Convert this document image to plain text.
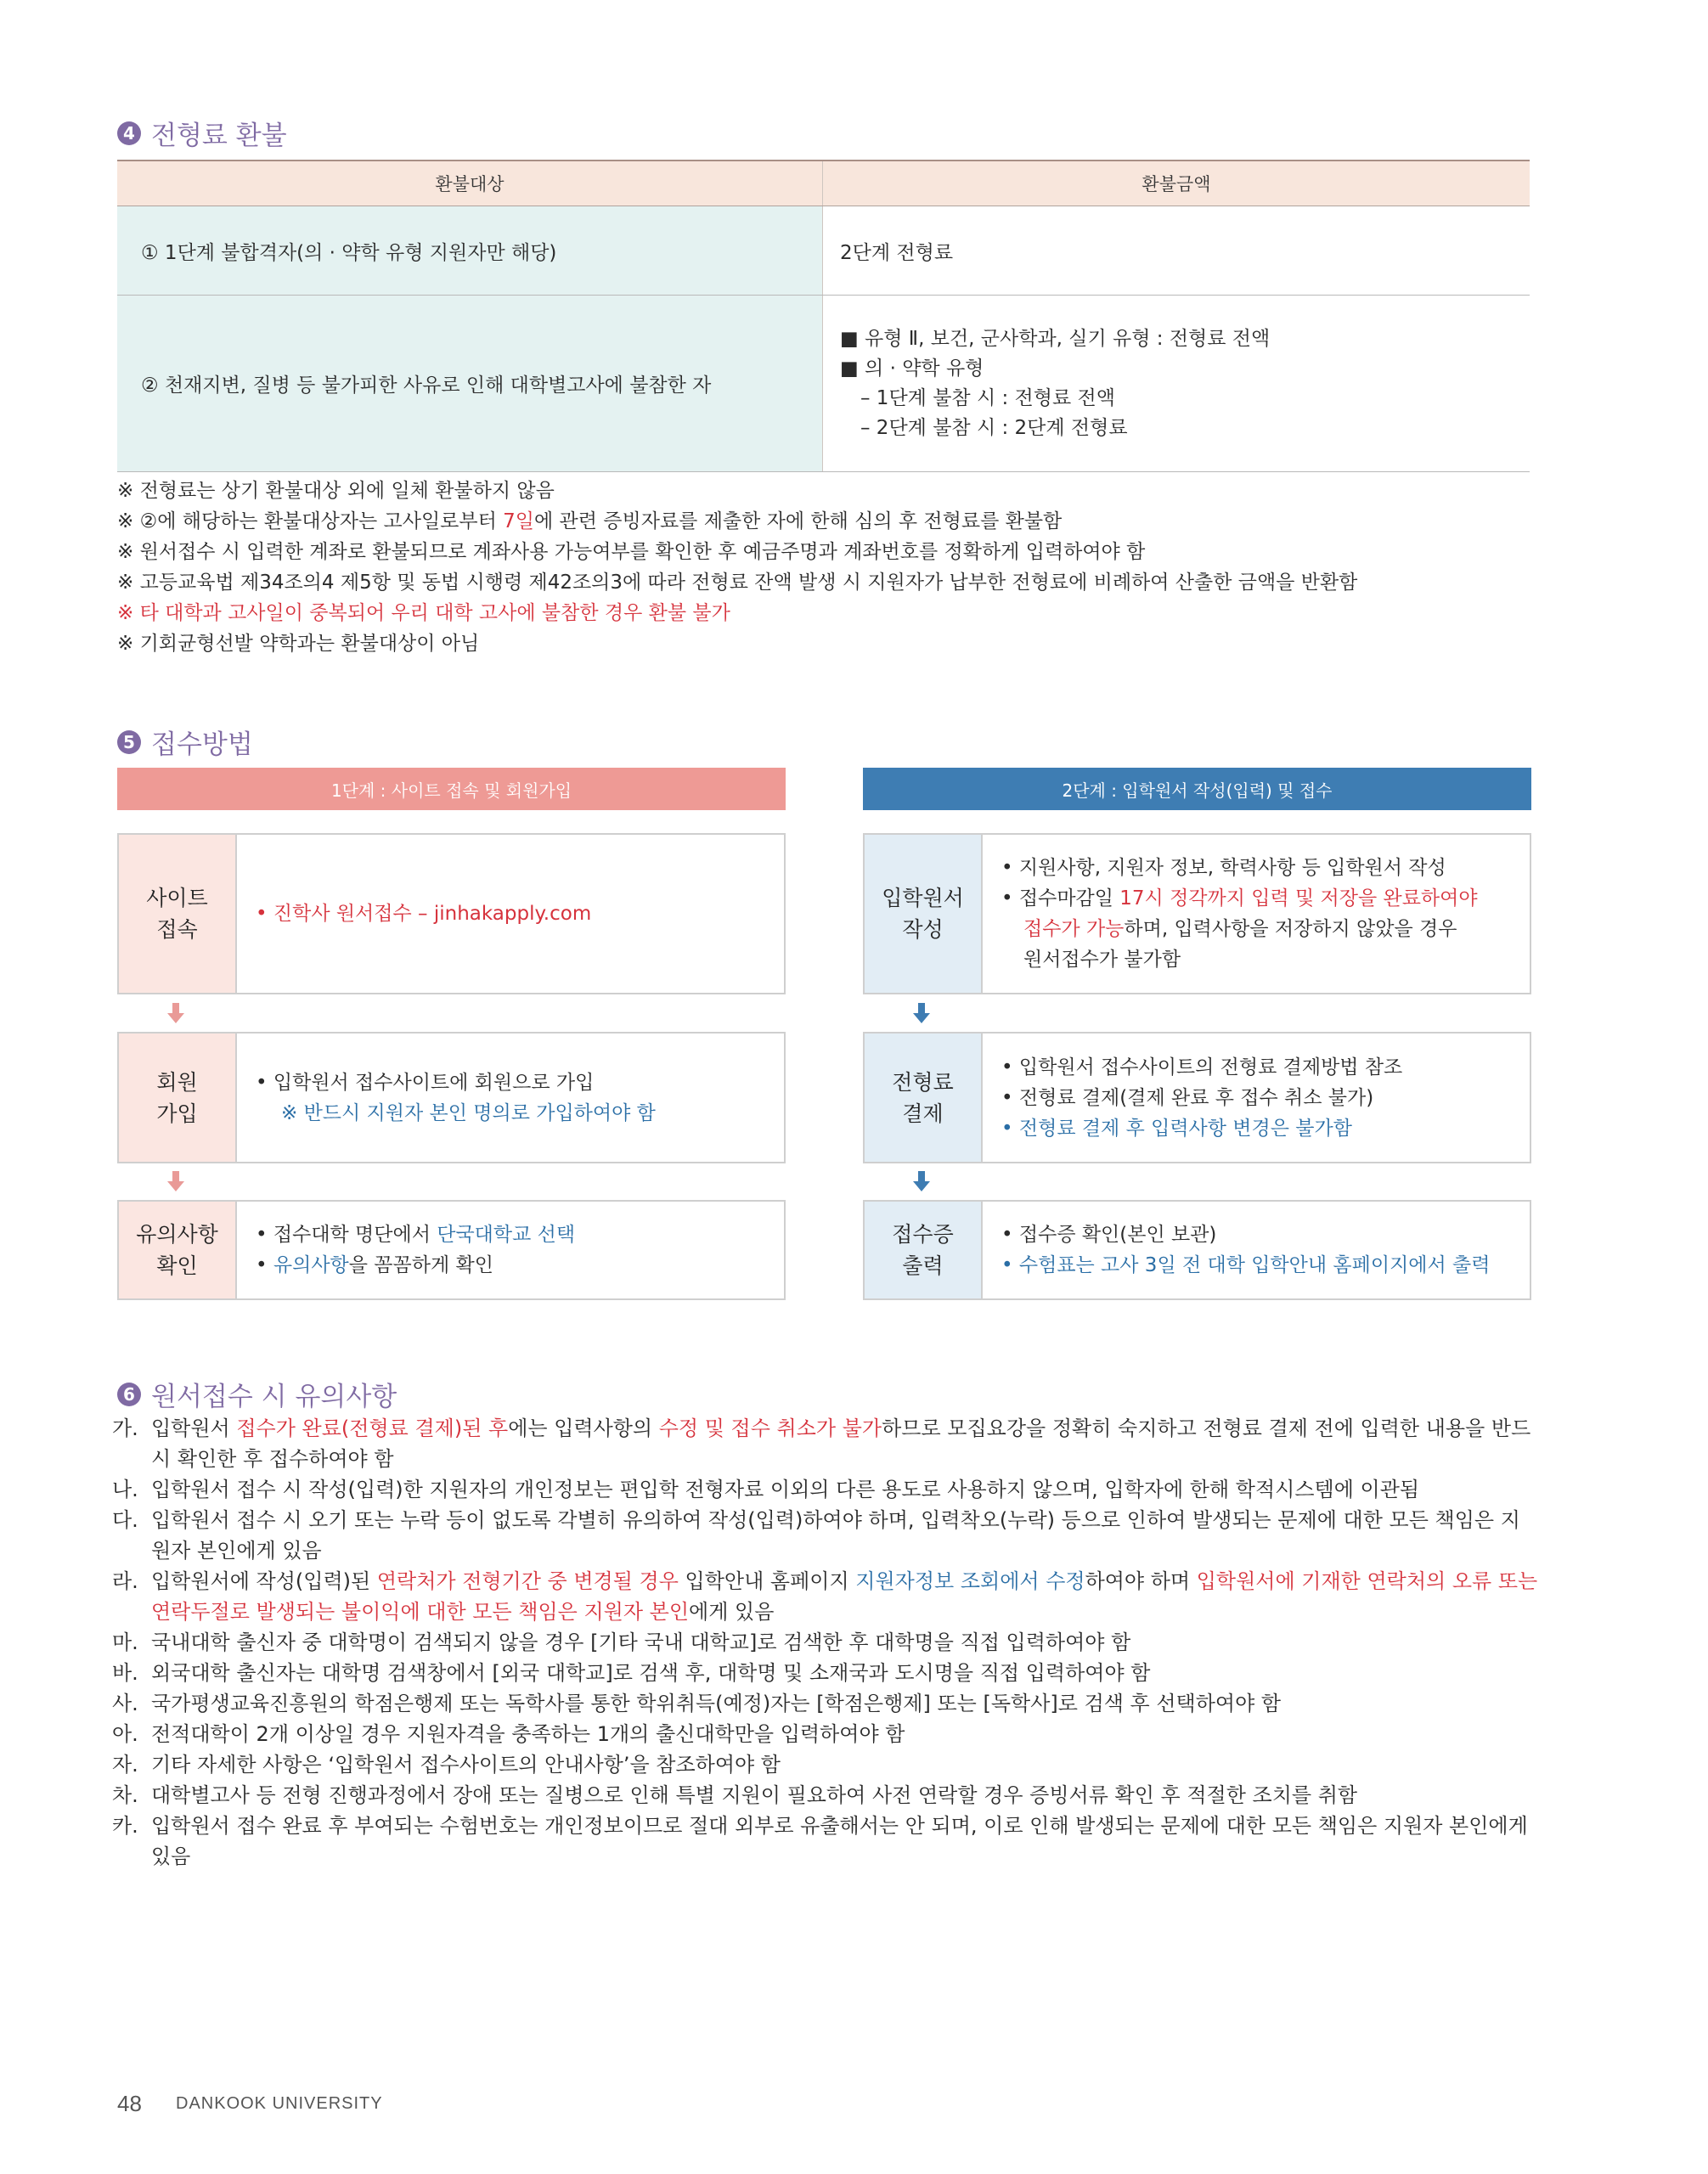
4 전형료 환불
환불대상	환불금액
① 1단계 불합격자(의 · 약학 유형 지원자만 해당)	2단계 전형료
② 천재지변, 질병 등 불가피한 사유로 인해 대학별고사에 불참한 자	■ 유형 Ⅱ, 보건, 군사학과, 실기 유형 : 전형료 전액
■ 의 · 약학 유형
– 1단계 불참 시 : 전형료 전액
– 2단계 불참 시 : 2단계 전형료
※ 전형료는 상기 환불대상 외에 일체 환불하지 않음
※ ②에 해당하는 환불대상자는 고사일로부터 7일에 관련 증빙자료를 제출한 자에 한해 심의 후 전형료를 환불함
※ 원서접수 시 입력한 계좌로 환불되므로 계좌사용 가능여부를 확인한 후 예금주명과 계좌번호를 정확하게 입력하여야 함
※ 고등교육법 제34조의4 제5항 및 동법 시행령 제42조의3에 따라 전형료 잔액 발생 시 지원자가 납부한 전형료에 비례하여 산출한 금액을 반환함
※ 타 대학과 고사일이 중복되어 우리 대학 고사에 불참한 경우 환불 불가
※ 기회균형선발 약학과는 환불대상이 아님
5 접수방법
1단계 : 사이트 접속 및 회원가입	2단계 : 입학원서 작성(입력) 및 접수
사이트
접속
• 진학사 원서접수 – jinhakapply.com
회원
가입
• 입학원서 접수사이트에 회원으로 가입
※ 반드시 지원자 본인 명의로 가입하여야 함
유의사항
확인
• 접수대학 명단에서 단국대학교 선택
• 유의사항을 꼼꼼하게 확인
입학원서
작성
• 지원사항, 지원자 정보, 학력사항 등 입학원서 작성
• 접수마감일 17시 정각까지 입력 및 저장을 완료하여야
접수가 가능하며, 입력사항을 저장하지 않았을 경우
원서접수가 불가함
전형료
결제
• 입학원서 접수사이트의 전형료 결제방법 참조
• 전형료 결제(결제 완료 후 접수 취소 불가)
• 전형료 결제 후 입력사항 변경은 불가함
접수증
출력
• 접수증 확인(본인 보관)
• 수험표는 고사 3일 전 대학 입학안내 홈페이지에서 출력
6 원서접수 시 유의사항
가. 입학원서 접수가 완료(전형료 결제)된 후에는 입력사항의 수정 및 접수 취소가 불가하므로 모집요강을 정확히 숙지하고 전형료 결제 전에 입력한 내용을 반드시 확인한 후 접수하여야 함
나. 입학원서 접수 시 작성(입력)한 지원자의 개인정보는 편입학 전형자료 이외의 다른 용도로 사용하지 않으며, 입학자에 한해 학적시스템에 이관됨
다. 입학원서 접수 시 오기 또는 누락 등이 없도록 각별히 유의하여 작성(입력)하여야 하며, 입력착오(누락) 등으로 인하여 발생되는 문제에 대한 모든 책임은 지원자 본인에게 있음
라. 입학원서에 작성(입력)된 연락처가 전형기간 중 변경될 경우 입학안내 홈페이지 지원자정보 조회에서 수정하여야 하며 입학원서에 기재한 연락처의 오류 또는 연락두절로 발생되는 불이익에 대한 모든 책임은 지원자 본인에게 있음
마. 국내대학 출신자 중 대학명이 검색되지 않을 경우 [기타 국내 대학교]로 검색한 후 대학명을 직접 입력하여야 함
바. 외국대학 출신자는 대학명 검색창에서 [외국 대학교]로 검색 후, 대학명 및 소재국과 도시명을 직접 입력하여야 함
사. 국가평생교육진흥원의 학점은행제 또는 독학사를 통한 학위취득(예정)자는 [학점은행제] 또는 [독학사]로 검색 후 선택하여야 함
아. 전적대학이 2개 이상일 경우 지원자격을 충족하는 1개의 출신대학만을 입력하여야 함
자. 기타 자세한 사항은 ‘입학원서 접수사이트의 안내사항’을 참조하여야 함
차. 대학별고사 등 전형 진행과정에서 장애 또는 질병으로 인해 특별 지원이 필요하여 사전 연락할 경우 증빙서류 확인 후 적절한 조치를 취함
카. 입학원서 접수 완료 후 부여되는 수험번호는 개인정보이므로 절대 외부로 유출해서는 안 되며, 이로 인해 발생되는 문제에 대한 모든 책임은 지원자 본인에게 있음
48 DANKOOK UNIVERSITY
